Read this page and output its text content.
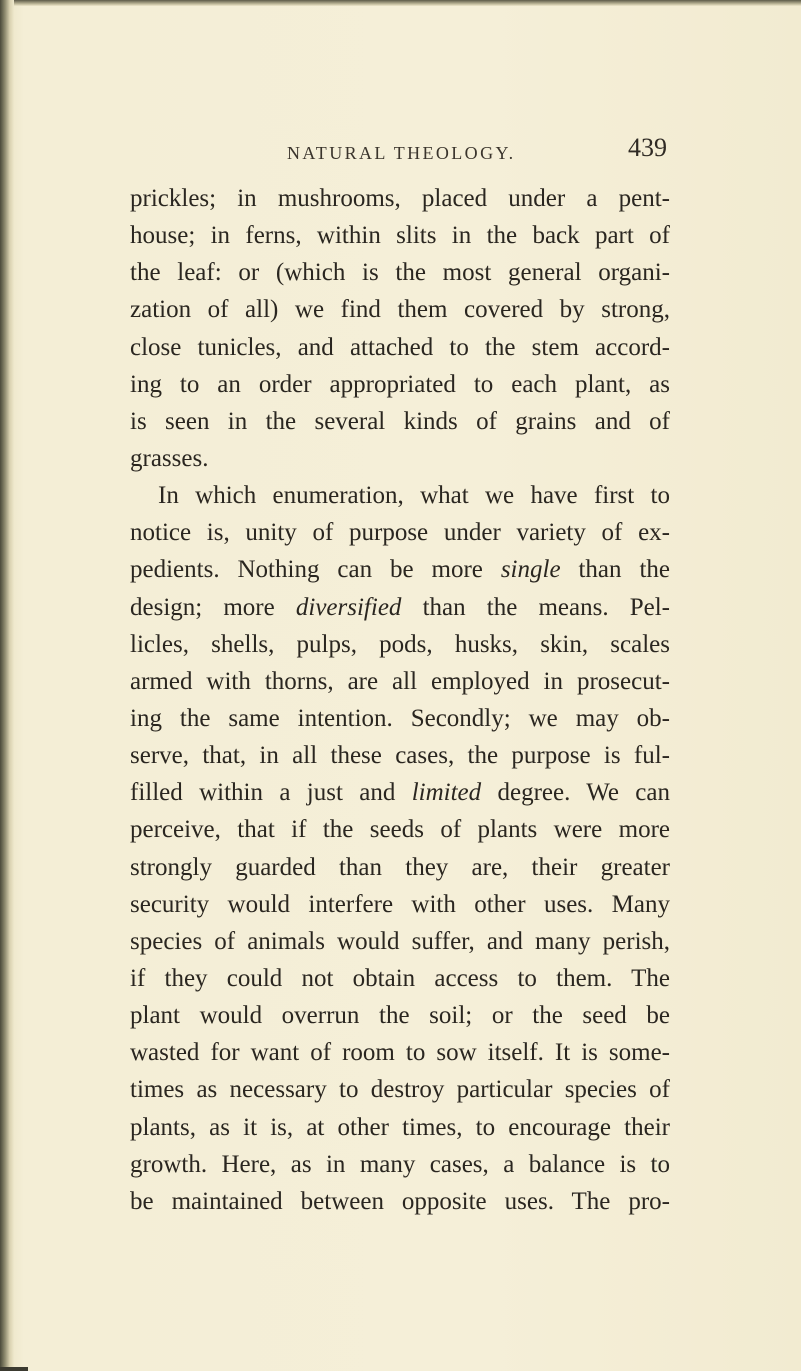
NATURAL THEOLOGY.	439
prickles; in mushrooms, placed under a pent-
house; in ferns, within slits in the back part of
the leaf: or (which is the most general organi-
zation of all) we find them covered by strong,
close tunicles, and attached to the stem accord-
ing to an order appropriated to each plant, as
is seen in the several kinds of grains and of
grasses.
In which enumeration, what we have first to
notice is, unity of purpose under variety of ex-
pedients. Nothing can be more single than the
design; more diversified than the means. Pel-
licles, shells, pulps, pods, husks, skin, scales
armed with thorns, are all employed in prosecut-
ing the same intention. Secondly; we may ob-
serve, that, in all these cases, the purpose is ful-
filled within a just and limited degree. We can
perceive, that if the seeds of plants were more
strongly guarded than they are, their greater
security would interfere with other uses. Many
species of animals would suffer, and many perish,
if they could not obtain access to them. The
plant would overrun the soil; or the seed be
wasted for want of room to sow itself. It is some-
times as necessary to destroy particular species of
plants, as it is, at other times, to encourage their
growth. Here, as in many cases, a balance is to
be maintained between opposite uses. The pro-
